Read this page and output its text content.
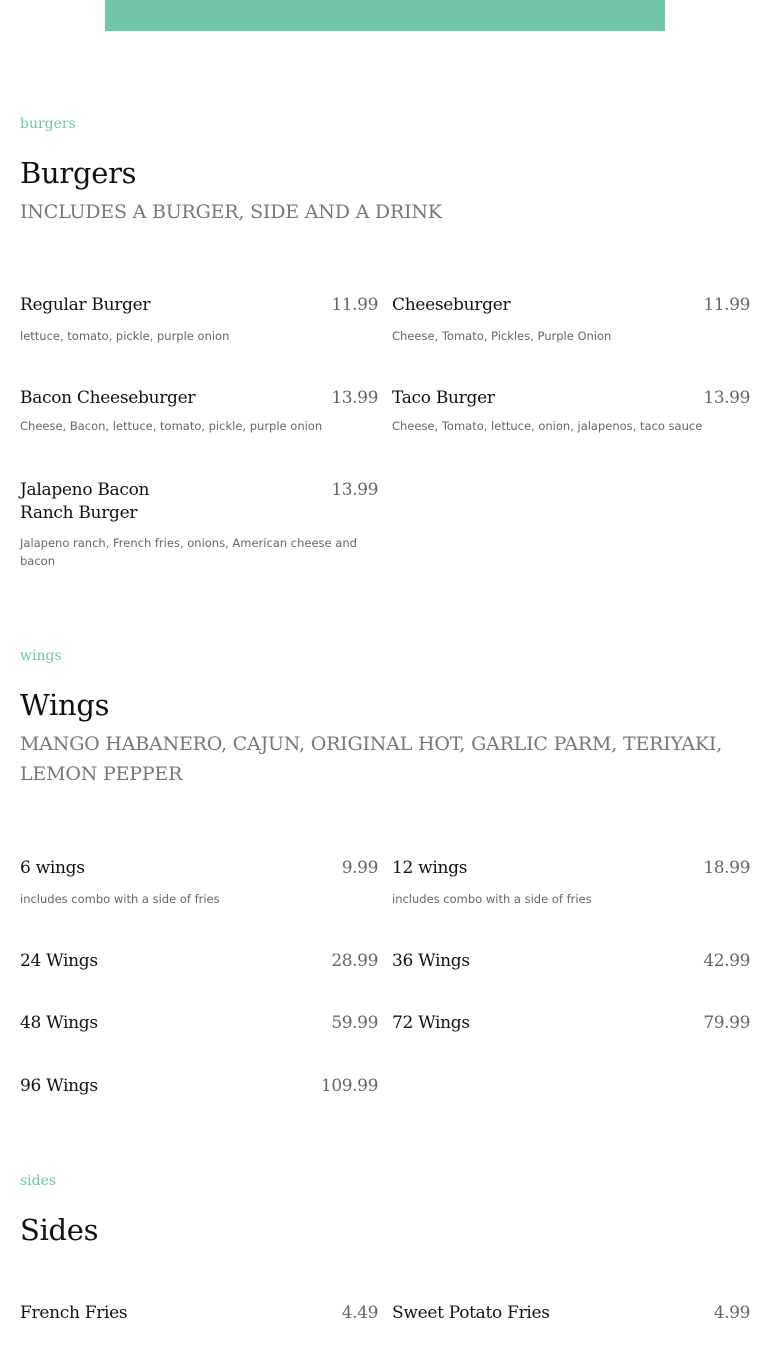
burgers
Burgers
INCLUDES A BURGER, SIDE AND A DRINK
Regular Burger	11.99
lettuce, tomato, pickle, purple onion
Cheeseburger	11.99
Cheese, Tomato, Pickles, Purple Onion
Bacon Cheeseburger	13.99
Cheese, Bacon, lettuce, tomato, pickle, purple onion
Taco Burger	13.99
Cheese, Tomato, lettuce, onion, jalapenos, taco sauce
Jalapeno Bacon Ranch Burger
13.99
Jalapeno ranch, French fries, onions, American cheese and bacon
wings
Wings
MANGO HABANERO, CAJUN, ORIGINAL HOT, GARLIC PARM, TERIYAKI, LEMON PEPPER
6 wings	9.99
includes combo with a side of fries
12 wings	18.99
includes combo with a side of fries
24 Wings	28.99 36 Wings	42.99
48 Wings	59.99 72 Wings	79.99
96 Wings	109.99
sides
Sides
French Fries	4.49 Sweet Potato Fries	4.99
